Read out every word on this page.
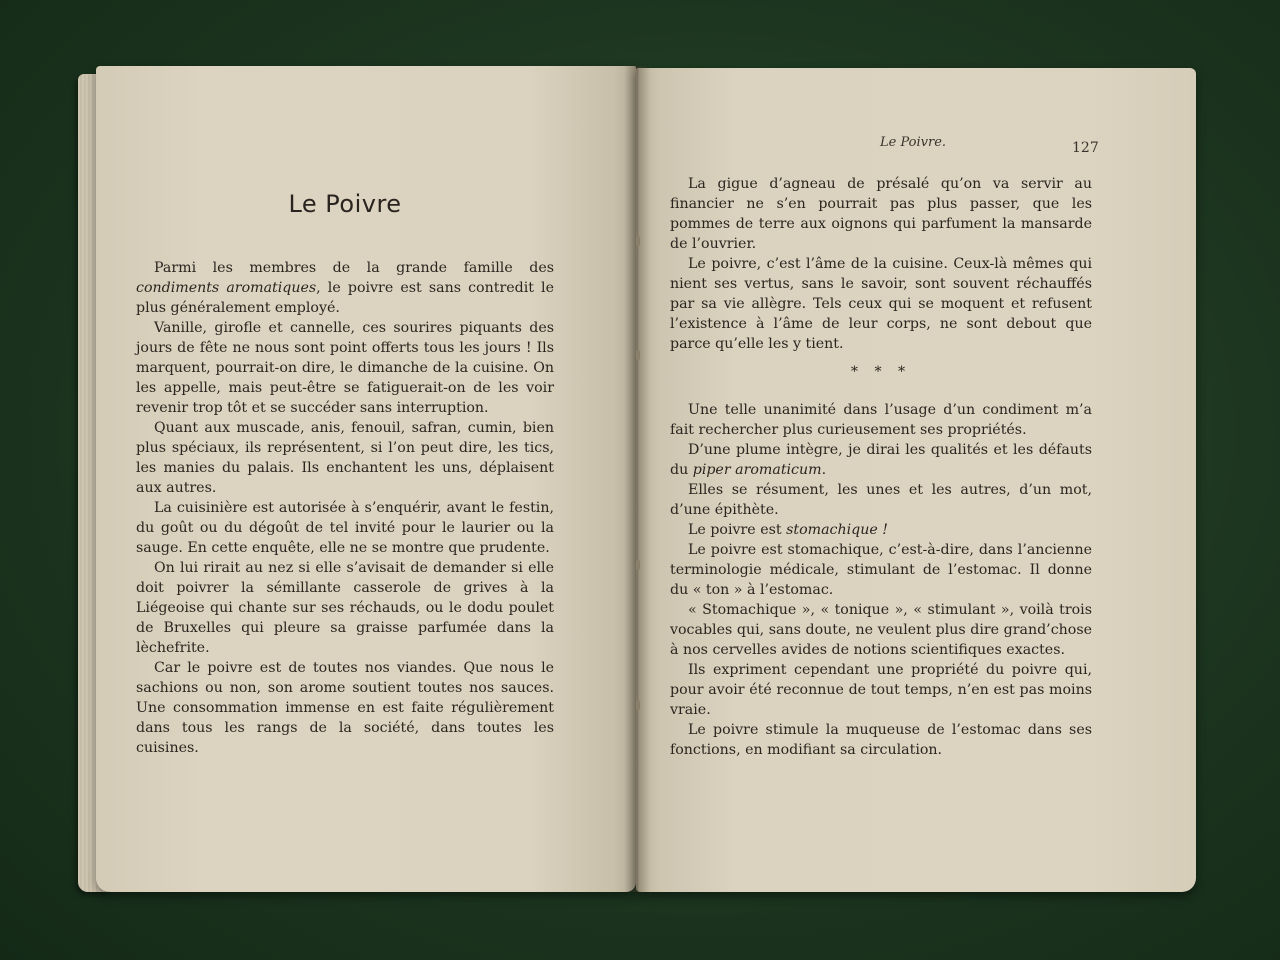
Le Poivre

Parmi les membres de la grande famille des condiments aromatiques, le poivre est sans contredit le plus généralement employé.

Vanille, girofle et cannelle, ces sourires piquants des jours de fête ne nous sont point offerts tous les jours ! Ils marquent, pourrait-on dire, le dimanche de la cuisine. On les appelle, mais peut-être se fatiguerait-on de les voir revenir trop tôt et se succéder sans interruption.

Quant aux muscade, anis, fenouil, safran, cumin, bien plus spéciaux, ils représentent, si l’on peut dire, les tics, les manies du palais. Ils enchantent les uns, déplaisent aux autres.

La cuisinière est autorisée à s’enquérir, avant le festin, du goût ou du dégoût de tel invité pour le laurier ou la sauge. En cette enquête, elle ne se montre que prudente.

On lui rirait au nez si elle s’avisait de demander si elle doit poivrer la sémillante casserole de grives à la Liégeoise qui chante sur ses réchauds, ou le dodu poulet de Bruxelles qui pleure sa graisse parfumée dans la lèchefrite.

Car le poivre est de toutes nos viandes. Que nous le sachions ou non, son arome soutient toutes nos sauces. Une consommation immense en est faite régulièrement dans tous les rangs de la société, dans toutes les cuisines.

Le Poivre.	127

La gigue d’agneau de présalé qu’on va servir au financier ne s’en pourrait pas plus passer, que les pommes de terre aux oignons qui parfument la mansarde de l’ouvrier.

Le poivre, c’est l’âme de la cuisine. Ceux-là mêmes qui nient ses vertus, sans le savoir, sont souvent réchauffés par sa vie allègre. Tels ceux qui se moquent et refusent l’existence à l’âme de leur corps, ne sont debout que parce qu’elle les y tient.

* * *

Une telle unanimité dans l’usage d’un condiment m’a fait rechercher plus curieusement ses propriétés.

D’une plume intègre, je dirai les qualités et les défauts du piper aromaticum.

Elles se résument, les unes et les autres, d’un mot, d’une épithète.

Le poivre est stomachique !

Le poivre est stomachique, c’est-à-dire, dans l’ancienne terminologie médicale, stimulant de l’estomac. Il donne du « ton » à l’estomac.

« Stomachique », « tonique », « stimulant », voilà trois vocables qui, sans doute, ne veulent plus dire grand’chose à nos cervelles avides de notions scientifiques exactes.

Ils expriment cependant une propriété du poivre qui, pour avoir été reconnue de tout temps, n’en est pas moins vraie.

Le poivre stimule la muqueuse de l’estomac dans ses fonctions, en modifiant sa circulation.
